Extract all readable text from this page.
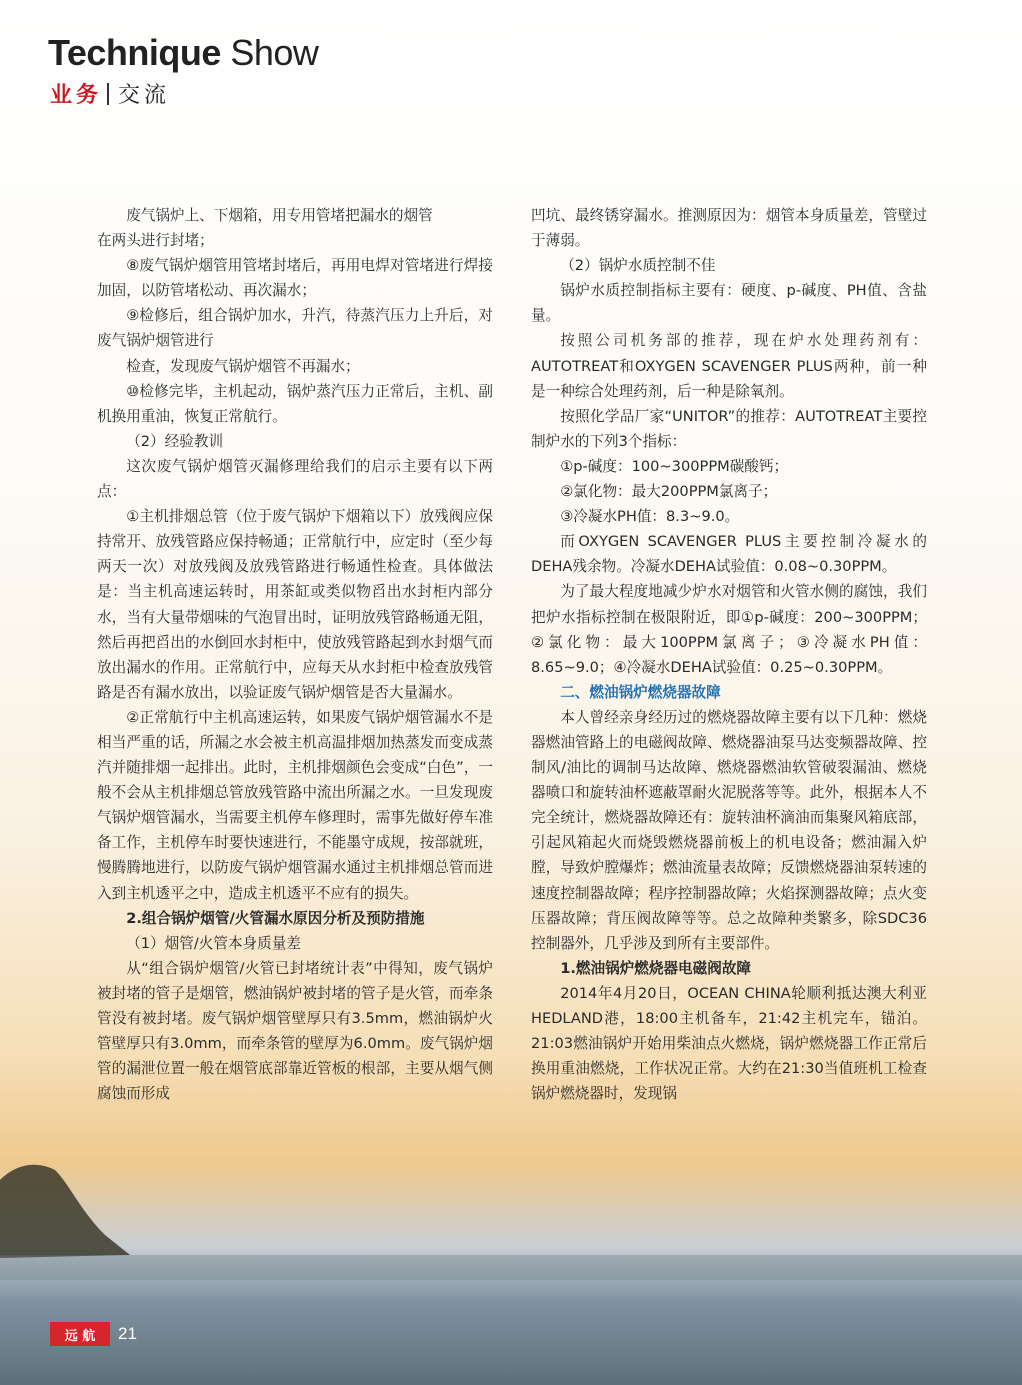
Technique Show
业务 交流

废气锅炉上、下烟箱，用专用管堵把漏水的烟管

在两头进行封堵；

⑧废气锅炉烟管用管堵封堵后，再用电焊对管堵进行焊接加固，以防管堵松动、再次漏水；

⑨检修后，组合锅炉加水，升汽，待蒸汽压力上升后，对废气锅炉烟管进行

检查，发现废气锅炉烟管不再漏水；

⑩检修完毕，主机起动，锅炉蒸汽压力正常后，主机、副机换用重油，恢复正常航行。

（2）经验教训

这次废气锅炉烟管灭漏修理给我们的启示主要有以下两点：

①主机排烟总管（位于废气锅炉下烟箱以下）放残阀应保持常开、放残管路应保持畅通；正常航行中，应定时（至少每两天一次）对放残阀及放残管路进行畅通性检查。具体做法是：当主机高速运转时，用茶缸或类似物舀出水封柜内部分水，当有大量带烟味的气泡冒出时，证明放残管路畅通无阻，然后再把舀出的水倒回水封柜中，使放残管路起到水封烟气而放出漏水的作用。正常航行中，应每天从水封柜中检查放残管路是否有漏水放出，以验证废气锅炉烟管是否大量漏水。

②正常航行中主机高速运转，如果废气锅炉烟管漏水不是相当严重的话，所漏之水会被主机高温排烟加热蒸发而变成蒸汽并随排烟一起排出。此时，主机排烟颜色会变成“白色”，一般不会从主机排烟总管放残管路中流出所漏之水。一旦发现废气锅炉烟管漏水，当需要主机停车修理时，需事先做好停车准备工作，主机停车时要快速进行，不能墨守成规，按部就班，慢腾腾地进行，以防废气锅炉烟管漏水通过主机排烟总管而进入到主机透平之中，造成主机透平不应有的损失。

2.组合锅炉烟管/火管漏水原因分析及预防措施

（1）烟管/火管本身质量差

从“组合锅炉烟管/火管已封堵统计表”中得知，废气锅炉被封堵的管子是烟管，燃油锅炉被封堵的管子是火管，而牵条管没有被封堵。废气锅炉烟管壁厚只有3.5mm，燃油锅炉火管壁厚只有3.0mm，而牵条管的壁厚为6.0mm。废气锅炉烟管的漏泄位置一般在烟管底部靠近管板的根部，主要从烟气侧腐蚀而形成

凹坑、最终锈穿漏水。推测原因为：烟管本身质量差，管壁过于薄弱。

（2）锅炉水质控制不佳

锅炉水质控制指标主要有：硬度、p-碱度、PH值、含盐量。

按照公司机务部的推荐，现在炉水处理药剂有：AUTOTREAT和OXYGEN SCAVENGER PLUS两种，前一种是一种综合处理药剂，后一种是除氧剂。

按照化学品厂家“UNITOR”的推荐：AUTOTREAT主要控制炉水的下列3个指标：

①p-碱度：100~300PPM碳酸钙；

②氯化物：最大200PPM氯离子；

③冷凝水PH值：8.3~9.0。

而OXYGEN SCAVENGER PLUS主要控制冷凝水的DEHA残余物。冷凝水DEHA试验值：0.08~0.30PPM。

为了最大程度地减少炉水对烟管和火管水侧的腐蚀，我们把炉水指标控制在极限附近，即①p-碱度：200~300PPM；②氯化物：最大100PPM氯离子；③冷凝水PH值：8.65~9.0；④冷凝水DEHA试验值：0.25~0.30PPM。

二、燃油锅炉燃烧器故障

本人曾经亲身经历过的燃烧器故障主要有以下几种：燃烧器燃油管路上的电磁阀故障、燃烧器油泵马达变频器故障、控制风/油比的调制马达故障、燃烧器燃油软管破裂漏油、燃烧器喷口和旋转油杯遮蔽罩耐火泥脱落等等。此外，根据本人不完全统计，燃烧器故障还有：旋转油杯滴油而集聚风箱底部，引起风箱起火而烧毁燃烧器前板上的机电设备；燃油漏入炉膛，导致炉膛爆炸；燃油流量表故障；反馈燃烧器油泵转速的速度控制器故障；程序控制器故障；火焰探测器故障；点火变压器故障；背压阀故障等等。总之故障种类繁多，除SDC36控制器外，几乎涉及到所有主要部件。

1.燃油锅炉燃烧器电磁阀故障

2014年4月20日，OCEAN CHINA轮顺利抵达澳大利亚HEDLAND港，18:00主机备车，21:42主机完车，锚泊。21:03燃油锅炉开始用柴油点火燃烧，锅炉燃烧器工作正常后换用重油燃烧，工作状况正常。大约在21:30当值班机工检查锅炉燃烧器时，发现锅

远 航	21
